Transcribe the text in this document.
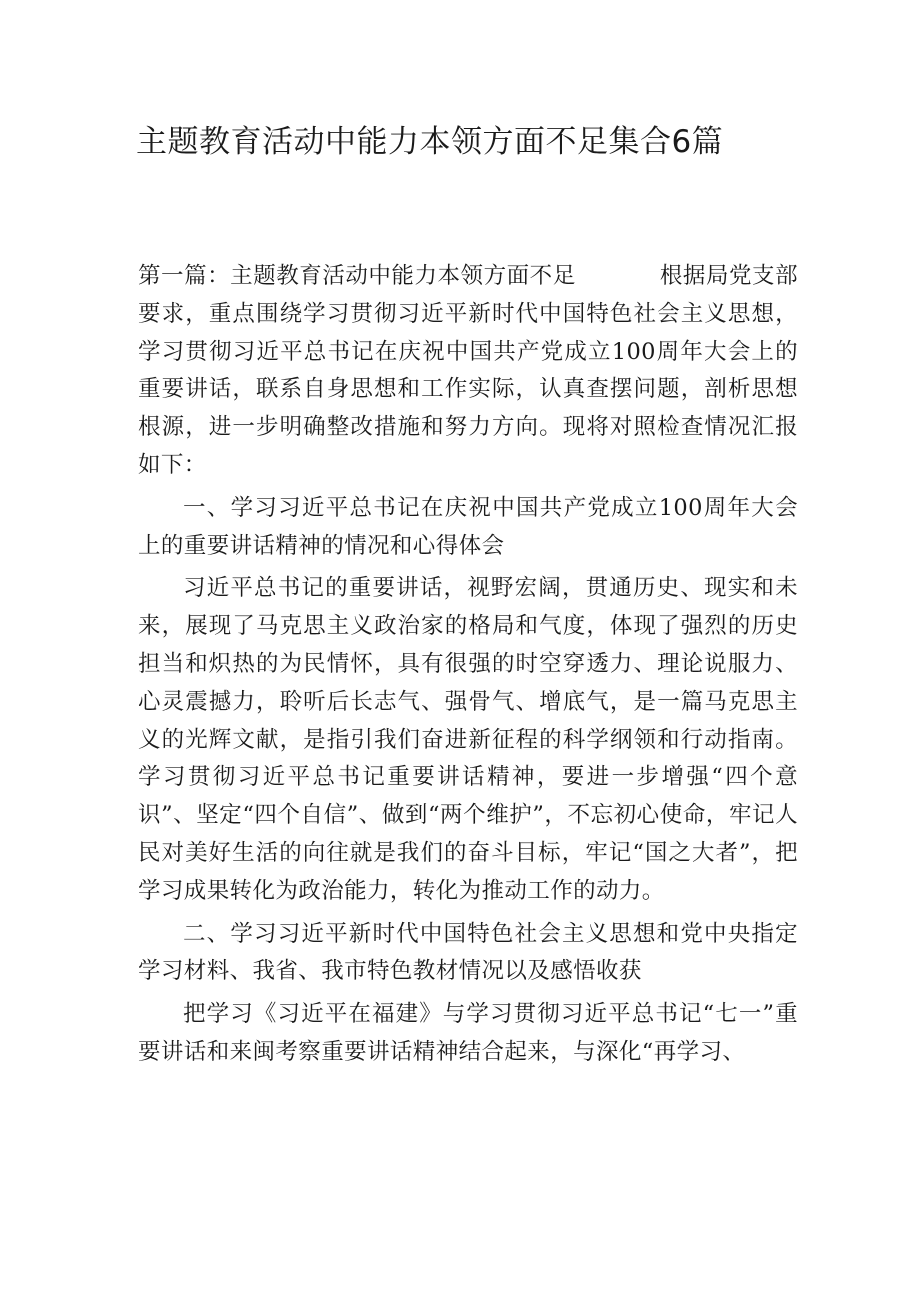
主题教育活动中能力本领方面不足集合6篇

第一篇：主题教育活动中能力本领方面不足	根据局党支部要求，重点围绕学习贯彻习近平新时代中国特色社会主义思想，学习贯彻习近平总书记在庆祝中国共产党成立100周年大会上的重要讲话，联系自身思想和工作实际，认真查摆问题，剖析思想根源，进一步明确整改措施和努力方向。现将对照检查情况汇报如下：

一、学习习近平总书记在庆祝中国共产党成立100周年大会上的重要讲话精神的情况和心得体会

习近平总书记的重要讲话，视野宏阔，贯通历史、现实和未来，展现了马克思主义政治家的格局和气度，体现了强烈的历史担当和炽热的为民情怀，具有很强的时空穿透力、理论说服力、心灵震撼力，聆听后长志气、强骨气、增底气，是一篇马克思主义的光辉文献，是指引我们奋进新征程的科学纲领和行动指南。学习贯彻习近平总书记重要讲话精神，要进一步增强“四个意识”、坚定“四个自信”、做到“两个维护”，不忘初心使命，牢记人民对美好生活的向往就是我们的奋斗目标，牢记“国之大者”，把学习成果转化为政治能力，转化为推动工作的动力。

二、学习习近平新时代中国特色社会主义思想和党中央指定学习材料、我省、我市特色教材情况以及感悟收获

把学习《习近平在福建》与学习贯彻习近平总书记“七一”重要讲话和来闽考察重要讲话精神结合起来，与深化“再学习、
